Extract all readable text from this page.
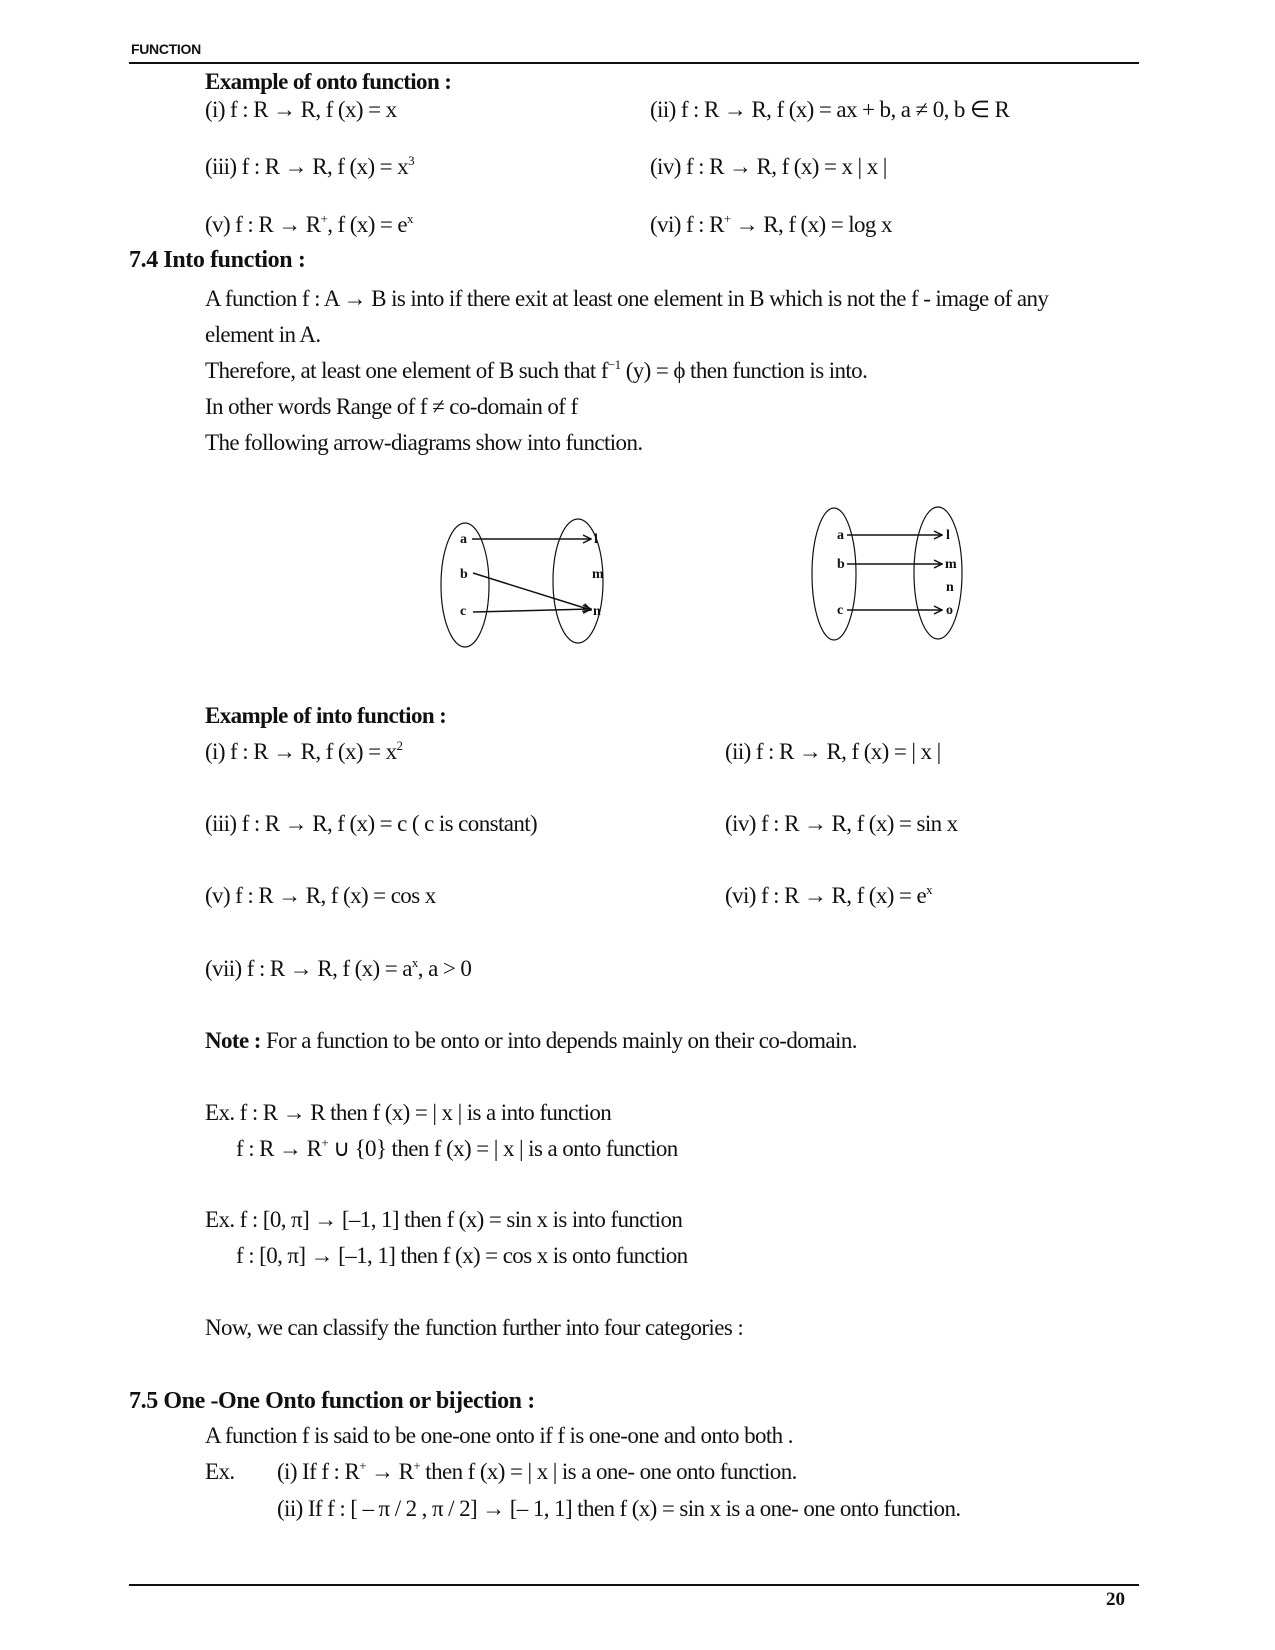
FUNCTION
Example of onto function :
(i) f : R → R, f (x) = x	(ii) f : R → R, f (x) = ax + b, a ≠ 0, b ∈ R
(iii) f : R → R, f $(x) = x^3$	(iv) f : R → R, f (x) = x | x |
(v) f : R → R+, f $(x) = e^x$	(vi) f : R+ → R, f (x) = log x
7.4 Into function :
A function f : A → B is into if there exit at least one element in B which is not the f - image of any
element in A.
Therefore, at least one element of B such that $f^{-1}$ (y) = ϕ then function is into.
In other words Range of f ≠ co-domain of f
The following arrow-diagrams show into function.
a
b
c
l
m
n
a
b
c
l
m
n
o
Example of into function :
(i) f : R → R, f $(x) = x^2$	(ii) f : R → R, f (x) = | x |
(iii) f : R → R, f (x) = c ( c is constant)	(iv) f : R → R, f (x) = sin x
(v) f : R → R, f (x) = cos x	(vi) f : R → R, f $(x) = e^x$
(vii) f : R → R, f $(x) = a^x$, a > 0
Note : For a function to be onto or into depends mainly on their co-domain.
Ex. f : R → R then f (x) = | x | is a into function
f : R → R+ ∪ {0} then f (x) = | x | is a onto function
Ex. f : [0, π] → [–1, 1] then f (x) = sin x is into function
f : [0, π] → [–1, 1] then f (x) = cos x is onto function
Now, we can classify the function further into four categories :
7.5 One -One Onto function or bijection :
A function f is said to be one-one onto if f is one-one and onto both .
Ex. (i) If f : R+ → R+ then f (x) = | x | is a one- one onto function.
(ii) If f : [ – π / 2 , π / 2] → [– 1, 1] then f (x) = sin x is a one- one onto function.
20
